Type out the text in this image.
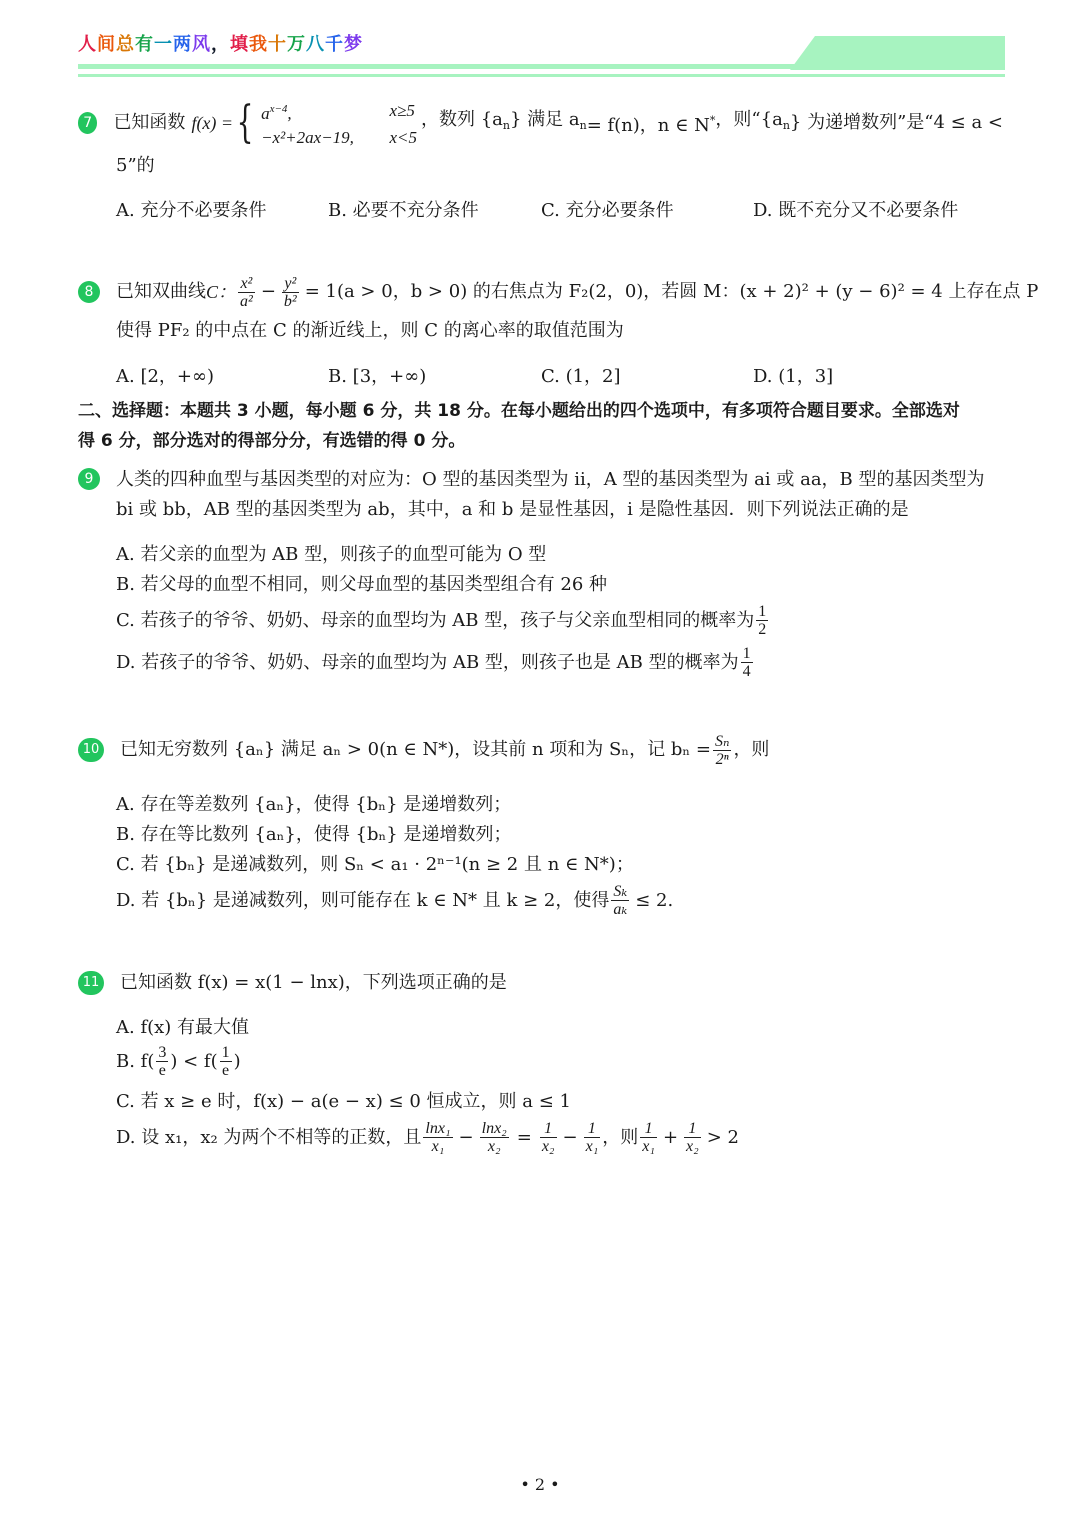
人间总有一两风，填我十万八千梦
7 已知函数 f(x) = { $a^{x-4}$,	x≥5
−x²+2ax−19,	x<5
，数列 {$a_n$ } 满足 $a_n = f(n)$，n ∈ N* ，则“{$a_n$ } 为递增数列”是“4 ≤ a <
5”的
A. 充分不必要条件	B. 必要不充分条件	C. 充分必要条件	D. 既不充分又不必要条件
8	已知双曲线 C： $\frac{\text{x²}}{\text{a²}} - \frac{\text{y²}}{\text{b²}} = 1(a > 0$，b > 0) 的右焦点为 F₂(2，0)，若圆 M：(x + 2)² + (y − 6)² = 4 上存在点 P
使得 PF₂ 的中点在 C 的渐近线上，则 C 的离心率的取值范围为
A. [2，+∞)	B. [3，+∞)	C. (1，2]	D. (1，3]
二、选择题：本题共 3 小题，每小题 6 分，共 18 分。在每小题给出的四个选项中，有多项符合题目要求。全部选对
得 6 分，部分选对的得部分分，有选错的得 0 分。
9 人类的四种血型与基因类型的对应为：O 型的基因类型为 ii，A 型的基因类型为 ai 或 aa，B 型的基因类型为
bi 或 bb，AB 型的基因类型为 ab，其中，a 和 b 是显性基因，i 是隐性基因．则下列说法正确的是
A. 若父亲的血型为 AB 型，则孩子的血型可能为 O 型
B. 若父母的血型不相同，则父母血型的基因类型组合有 26 种
C. 若孩子的爷爷、奶奶、母亲的血型均为 AB 型，孩子与父亲血型相同的概率为 $\frac{1}{2}$
D. 若孩子的爷爷、奶奶、母亲的血型均为 AB 型，则孩子也是 AB 型的概率为 $\frac{1}{4}$
10 已知无穷数列 {aₙ} 满足 aₙ > 0(n ∈ N*)，设其前 n 项和为 Sₙ，记 $b_n = \frac{\text{Sₙ}}{\text{2ⁿ}}$ ，则
A. 存在等差数列 {aₙ}，使得 {bₙ} 是递增数列；
B. 存在等比数列 {aₙ}，使得 {bₙ} 是递增数列；
C. 若 {bₙ} 是递减数列，则 Sₙ < a₁ · 2ⁿ⁻¹(n ≥ 2 且 n ∈ N*)；
D. 若 {bₙ} 是递减数列，则可能存在 k ∈ N* 且 k ≥ 2，使得 $\frac{\text{Sₖ}}{\text{aₖ}} \le 2$.
11 已知函数 f(x) = x(1 − lnx)，下列选项正确的是
A. f(x) 有最大值
B. $f( \frac{3}{e}$ ) < $f( \frac{1}{e}$ )
C. 若 x ≥ e 时，f(x) − a(e − x) ≤ 0 恒成立，则 a ≤ 1
D. 设 x₁，x₂ 为两个不相等的正数，且 $\frac{\text{lnx₁}}{\text{x₁}} - \frac{\text{lnx₂}}{\text{x₂}} = \frac{1}{\text{x₂}} - \frac{1}{\text{x₁}}$ ，则 $\frac{1}{\text{x₁}} + \frac{1}{\text{x₂}} > 2$
• 2 •
